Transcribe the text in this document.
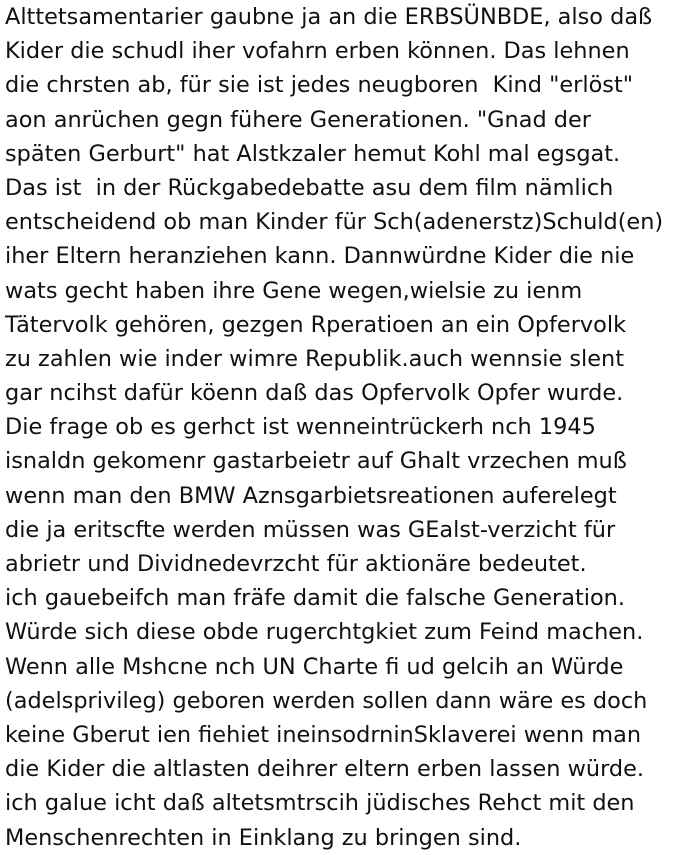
Alttetsamentarier gaubne ja an die ERBSÜNBDE, also daß
Kider die schudl iher vofahrn erben können. Das lehnen
die chrsten ab, für sie ist jedes neugboren  Kind "erlöst"
aon anrüchen gegn fühere Generationen. "Gnad der
späten Gerburt" hat Alstkzaler hemut Kohl mal egsgat.
Das ist  in der Rückgabedebatte asu dem film nämlich
entscheidend ob man Kinder für Sch(adenerstz)Schuld(en)
iher Eltern heranziehen kann. Dannwürdne Kider die nie
wats gecht haben ihre Gene wegen,wielsie zu ienm
Tätervolk gehören, gezgen Rperatioen an ein Opfervolk
zu zahlen wie inder wimre Republik.auch wennsie slent
gar ncihst dafür köenn daß das Opfervolk Opfer wurde.
Die frage ob es gerhct ist wenneintrückerh nch 1945
isnaldn gekomenr gastarbeietr auf Ghalt vrzechen muß
wenn man den BMW Aznsgarbietsreationen auferelegt
die ja eritscfte werden müssen was GEalst-verzicht für
abrietr und Dividnedevrzcht für aktionäre bedeutet.
ich gauebeifch man fräfe damit die falsche Generation.
Würde sich diese obde rugerchtgkiet zum Feind machen.
Wenn alle Mshcne nch UN Charte fi ud gelcih an Würde
(adelsprivileg) geboren werden sollen dann wäre es doch
keine Gberut ien fiehiet ineinsodrninSklaverei wenn man
die Kider die altlasten deihrer eltern erben lassen würde.
ich galue icht daß altetsmtrscih jüdisches Rehct mit den
Menschenrechten in Einklang zu bringen sind.
